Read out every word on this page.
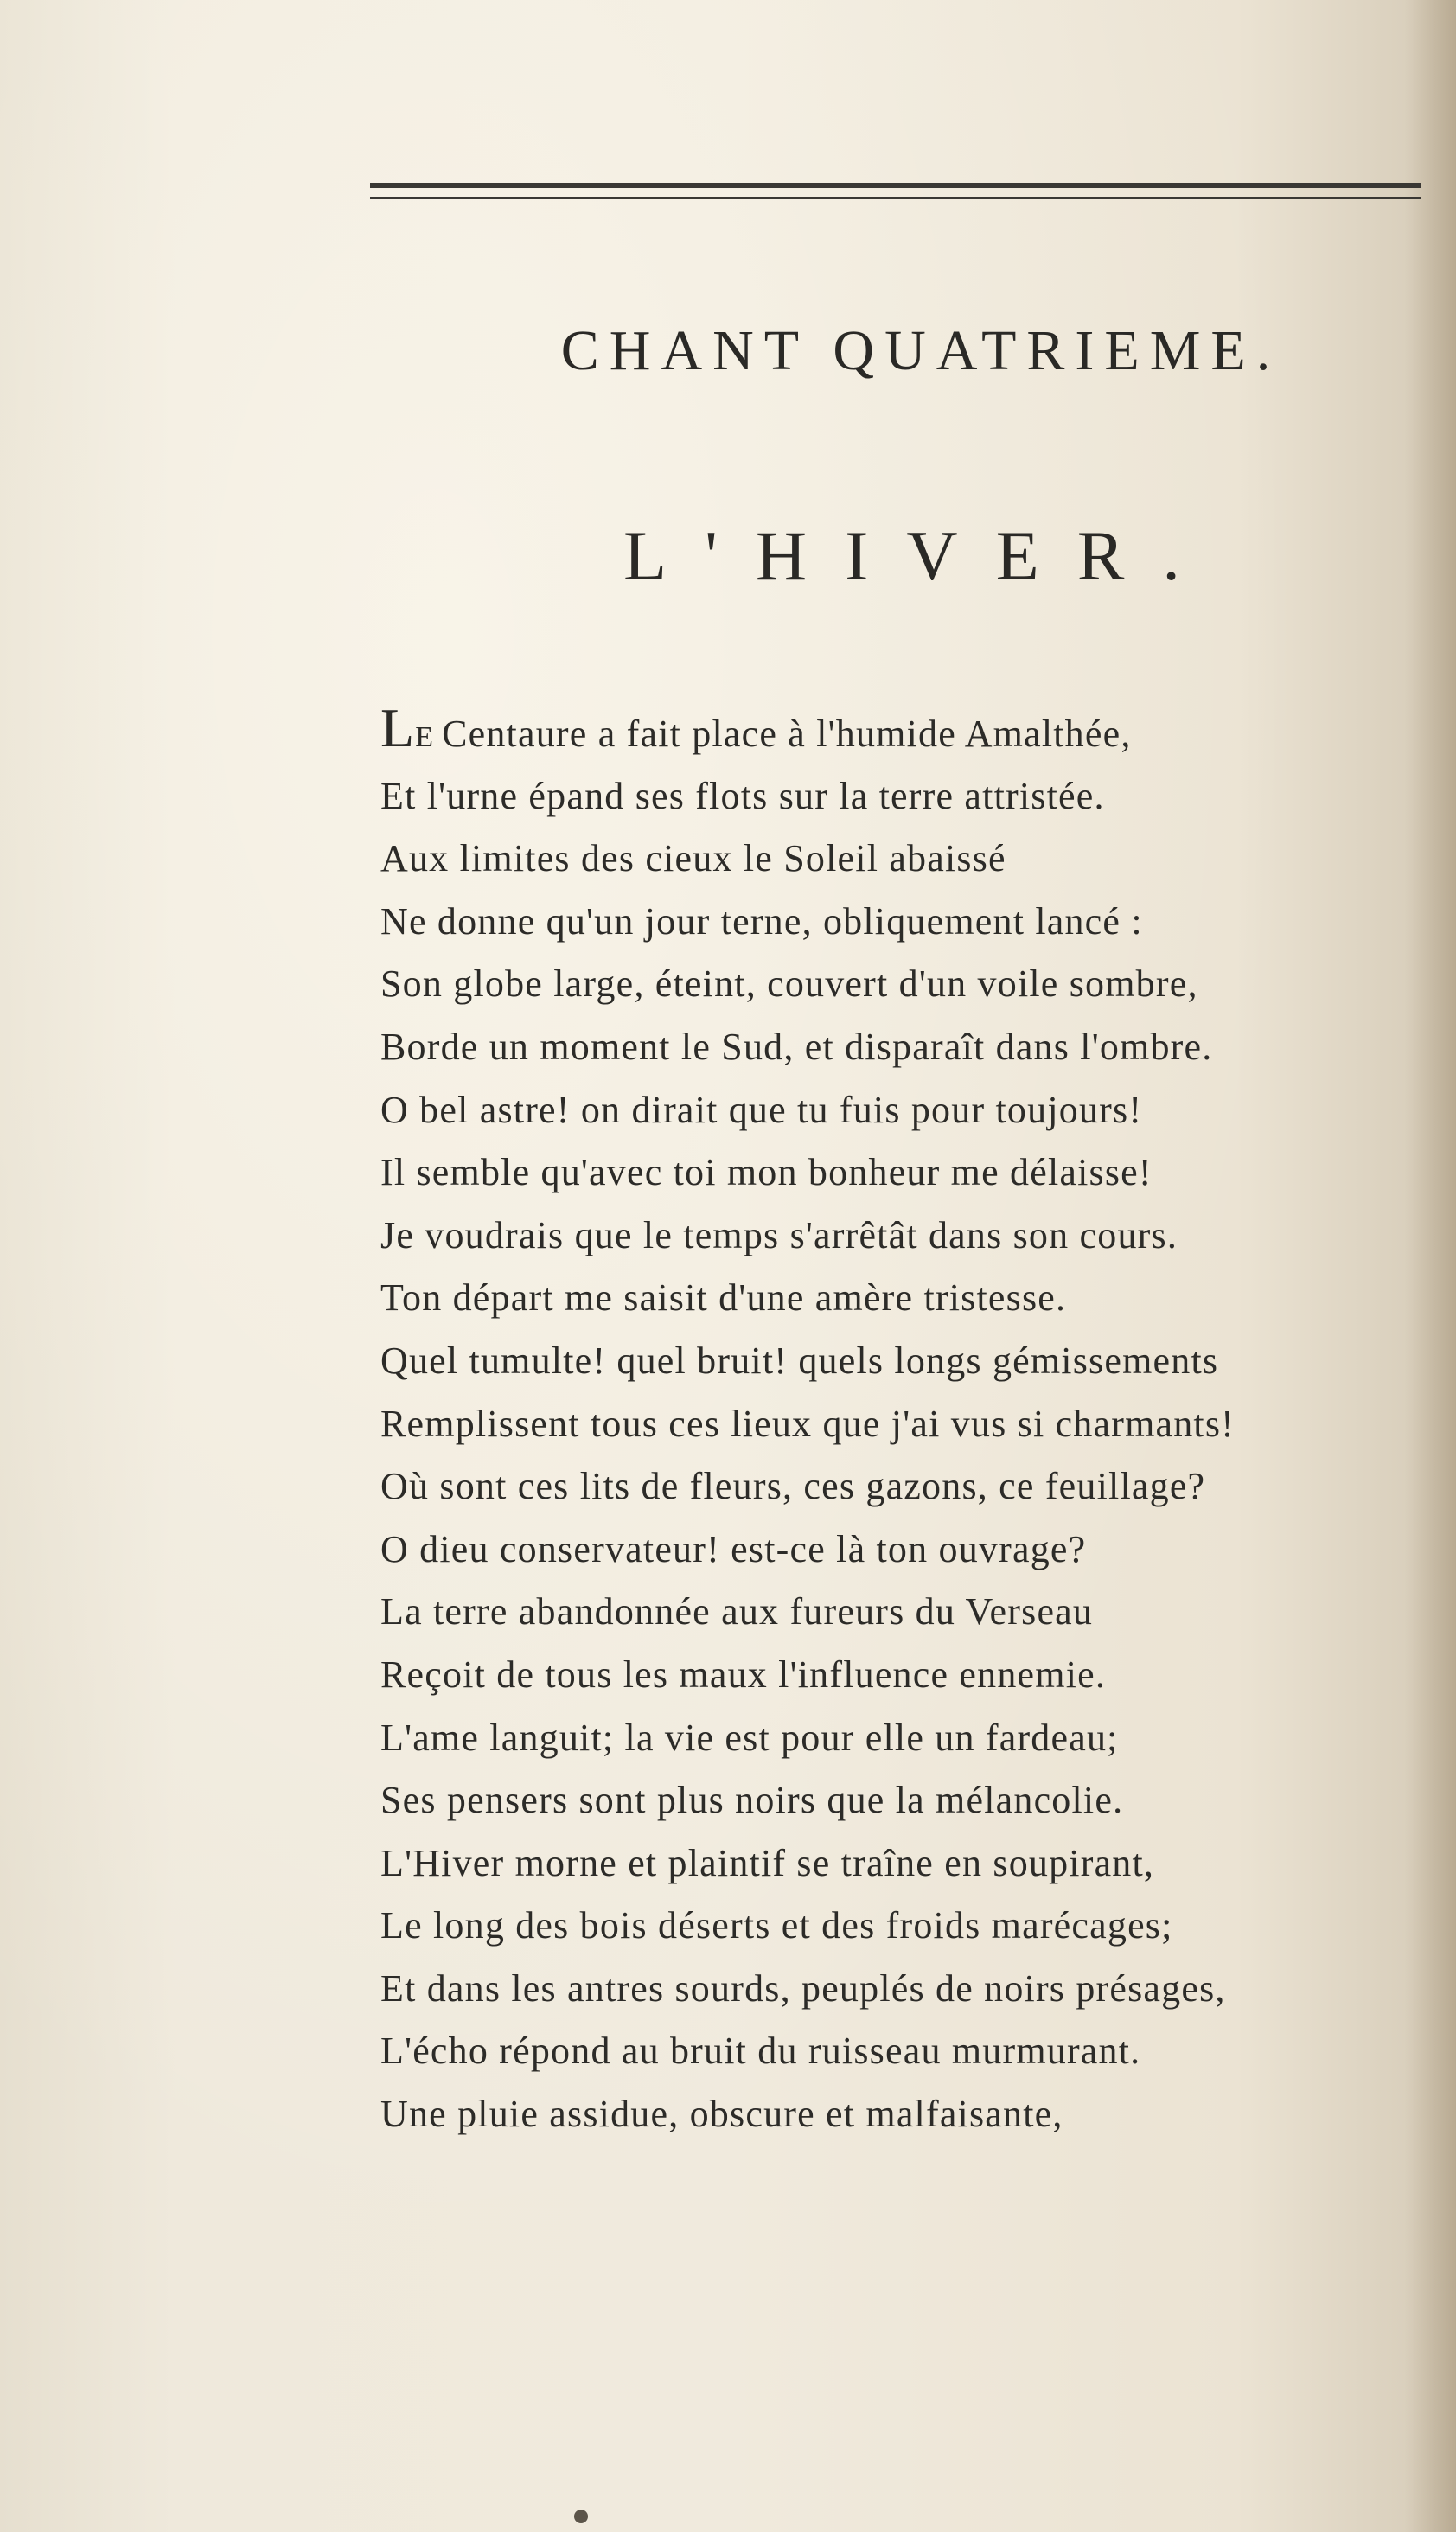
CHANT QUATRIEME.
L'HIVER.
LE Centaure a fait place à l'humide Amalthée,
Et l'urne épand ses flots sur la terre attristée.
Aux limites des cieux le Soleil abaissé
Ne donne qu'un jour terne, obliquement lancé :
Son globe large, éteint, couvert d'un voile sombre,
Borde un moment le Sud, et disparaît dans l'ombre.
O bel astre! on dirait que tu fuis pour toujours!
Il semble qu'avec toi mon bonheur me délaisse!
Je voudrais que le temps s'arrêtât dans son cours.
Ton départ me saisit d'une amère tristesse.
Quel tumulte! quel bruit! quels longs gémissements
Remplissent tous ces lieux que j'ai vus si charmants!
Où sont ces lits de fleurs, ces gazons, ce feuillage?
O dieu conservateur! est-ce là ton ouvrage?
La terre abandonnée aux fureurs du Verseau
Reçoit de tous les maux l'influence ennemie.
L'ame languit; la vie est pour elle un fardeau;
Ses pensers sont plus noirs que la mélancolie.
L'Hiver morne et plaintif se traîne en soupirant,
Le long des bois déserts et des froids marécages;
Et dans les antres sourds, peuplés de noirs présages,
L'écho répond au bruit du ruisseau murmurant.
Une pluie assidue, obscure et malfaisante,
